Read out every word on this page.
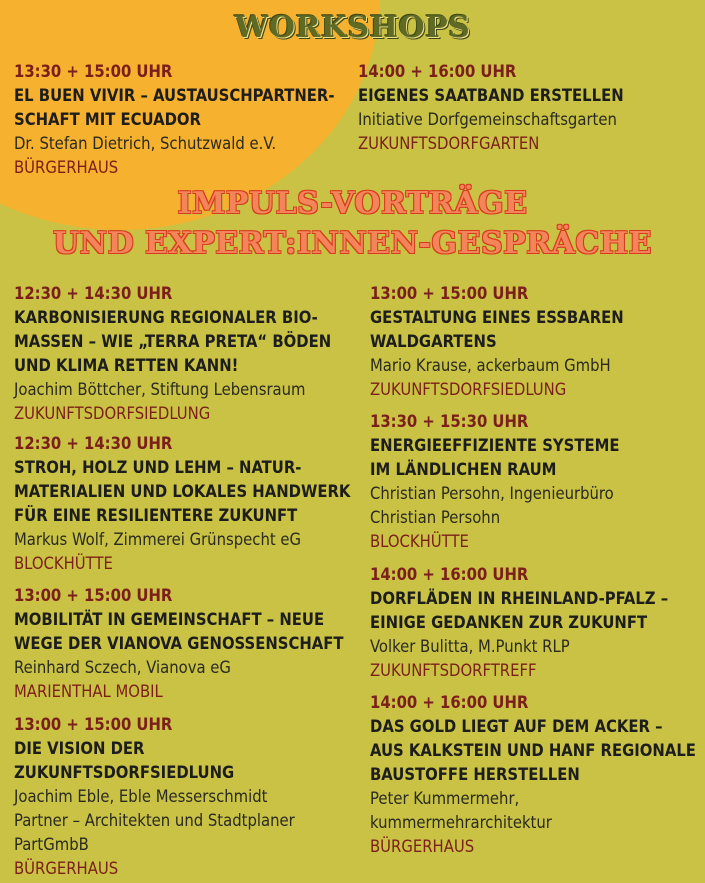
WORKSHOPS
13:30 + 15:00 UHR
EL BUEN VIVIR – AUSTAUSCHPARTNER-
SCHAFT MIT ECUADOR
Dr. Stefan Dietrich, Schutzwald e.V.
BÜRGERHAUS
14:00 + 16:00 UHR
EIGENES SAATBAND ERSTELLEN
Initiative Dorfgemeinschaftsgarten
ZUKUNFTSDORFGARTEN
IMPULS-VORTRÄGE
UND EXPERT:INNEN-GESPRÄCHE
12:30 + 14:30 UHR
KARBONISIERUNG REGIONALER BIO-
MASSEN – WIE „TERRA PRETA“ BÖDEN
UND KLIMA RETTEN KANN!
Joachim Böttcher, Stiftung Lebensraum
ZUKUNFTSDORFSIEDLUNG
12:30 + 14:30 UHR
STROH, HOLZ UND LEHM – NATUR-
MATERIALIEN UND LOKALES HANDWERK
FÜR EINE RESILIENTERE ZUKUNFT
Markus Wolf, Zimmerei Grünspecht eG
BLOCKHÜTTE
13:00 + 15:00 UHR
MOBILITÄT IN GEMEINSCHAFT – NEUE
WEGE DER VIANOVA GENOSSENSCHAFT
Reinhard Sczech, Vianova eG
MARIENTHAL MOBIL
13:00 + 15:00 UHR
DIE VISION DER ZUKUNFTSDORFSIEDLUNG
Joachim Eble, Eble Messerschmidt
Partner – Architekten und Stadtplaner
PartGmbB
BÜRGERHAUS
13:00 + 15:00 UHR
GESTALTUNG EINES ESSBAREN
WALDGARTENS
Mario Krause, ackerbaum GmbH
ZUKUNFTSDORFSIEDLUNG
13:30 + 15:30 UHR
ENERGIEEFFIZIENTE SYSTEME
IM LÄNDLICHEN RAUM
Christian Persohn, Ingenieurbüro
Christian Persohn
BLOCKHÜTTE
14:00 + 16:00 UHR
DORFLÄDEN IN RHEINLAND-PFALZ –
EINIGE GEDANKEN ZUR ZUKUNFT
Volker Bulitta, M.Punkt RLP
ZUKUNFTSDORFTREFF
14:00 + 16:00 UHR
DAS GOLD LIEGT AUF DEM ACKER –
AUS KALKSTEIN UND HANF REGIONALE
BAUSTOFFE HERSTELLEN
Peter Kummermehr,
kummermehrarchitektur
BÜRGERHAUS
